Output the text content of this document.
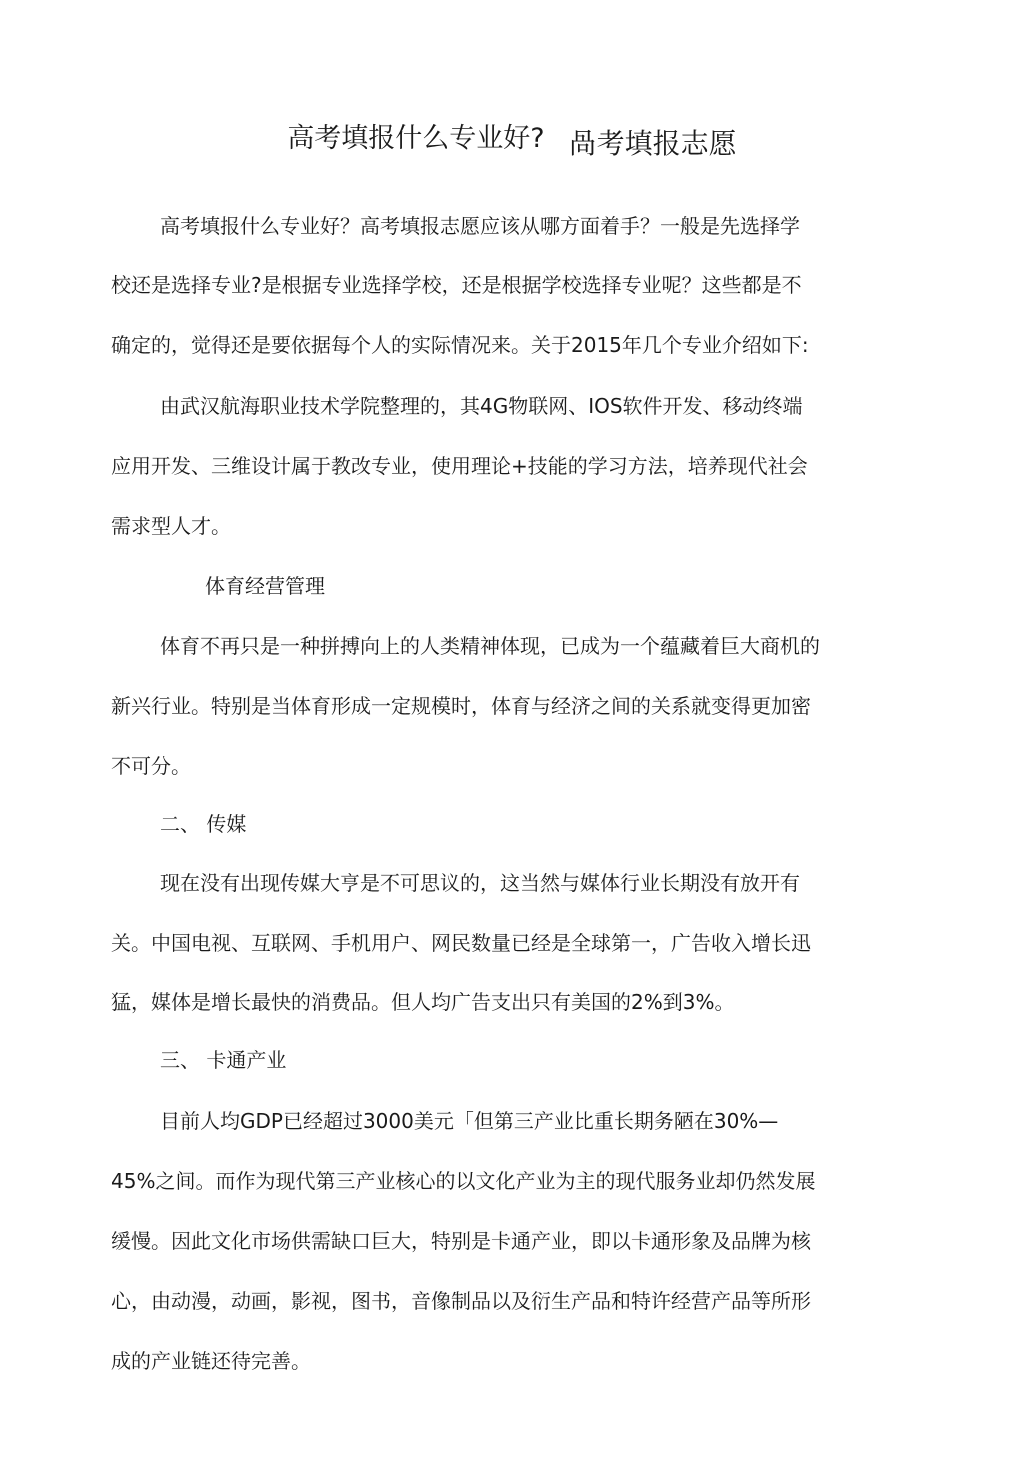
高考填报什么专业好? 咼考填报志愿
高考填报什么专业好？高考填报志愿应该从哪方面着手？一般是先选择学
校还是选择专业?是根据专业选择学校，还是根据学校选择专业呢？这些都是不
确定的，觉得还是要依据每个人的实际情况来。关于2015年几个专业介绍如下:
由武汉航海职业技术学院整理的，其4G物联网、IOS软件开发、移动终端
应用开发、三维设计属于教改专业，使用理论+技能的学习方法，培养现代社会
需求型人才。
体育经营管理
体育不再只是一种拼搏向上的人类精神体现，已成为一个蕴藏着巨大商机的
新兴行业。特别是当体育形成一定规模时，体育与经济之间的关系就变得更加密
不可分。
二、 传媒
现在没有出现传媒大亨是不可思议的，这当然与媒体行业长期没有放开有
关。中国电视、互联网、手机用户、网民数量已经是全球第一，广告收入增长迅
猛，媒体是增长最快的消费品。但人均广告支出只有美国的2%到3%。
三、 卡通产业
目前人均GDP已经超过3000美元「但第三产业比重长期务陋在30%—
45%之间。而作为现代第三产业核心的以文化产业为主的现代服务业却仍然发展
缓慢。因此文化市场供需缺口巨大，特别是卡通产业，即以卡通形象及品牌为核
心，由动漫，动画，影视，图书，音像制品以及衍生产品和特许经营产品等所形
成的产业链还待完善。
